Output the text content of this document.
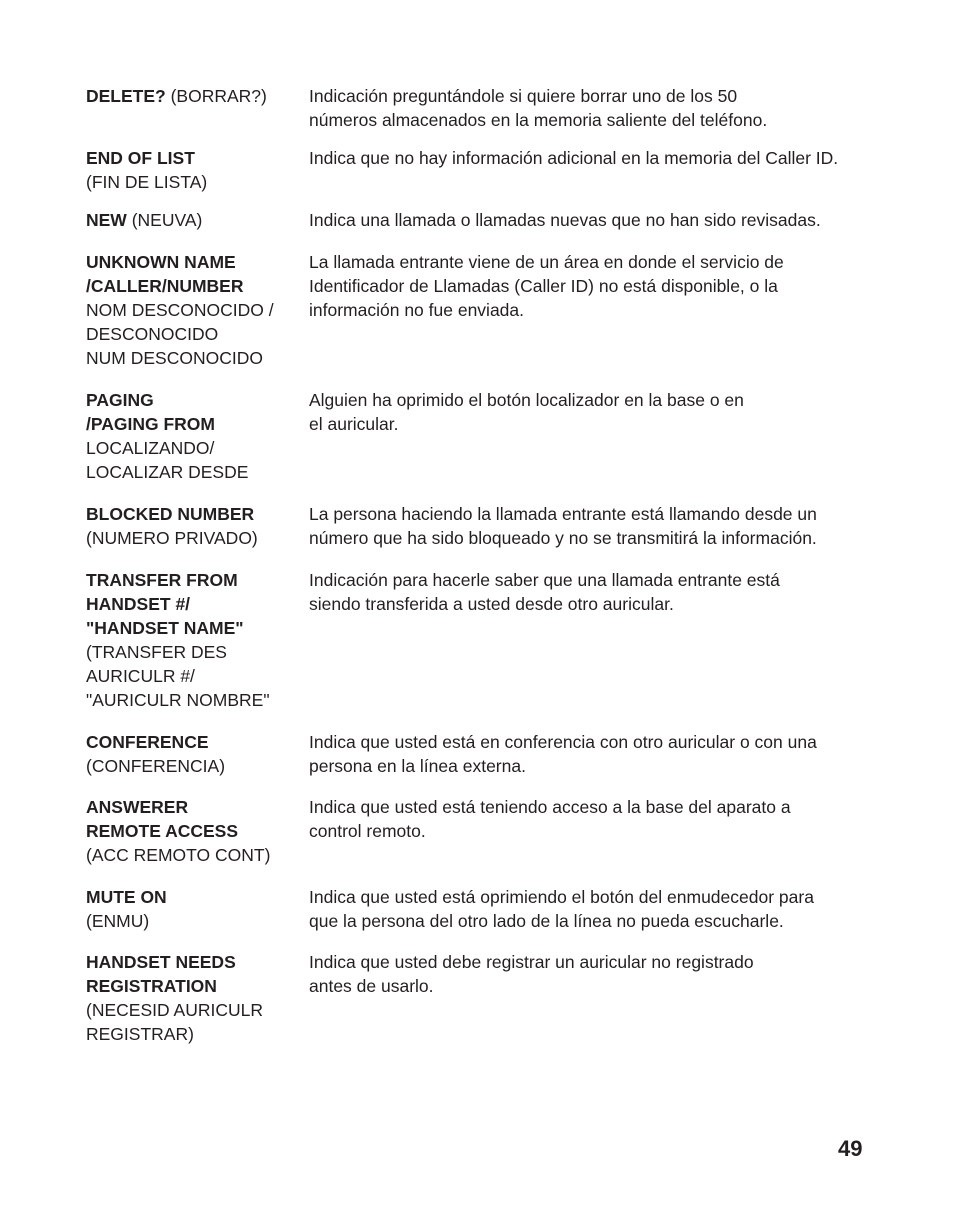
DELETE? (BORRAR?)	Indicación preguntándole si quiere borrar uno de los 50
números almacenados en la memoria saliente del teléfono.
END OF LIST
(FIN DE LISTA)
Indica que no hay información adicional en la memoria del Caller ID.
NEW (NEUVA)	Indica una llamada o llamadas nuevas que no han sido revisadas.
UNKNOWN NAME
/CALLER/NUMBER
NOM DESCONOCIDO /
DESCONOCIDO
NUM DESCONOCIDO
La llamada entrante viene de un área en donde el servicio de
Identificador de Llamadas (Caller ID) no está disponible, o la
información no fue enviada.
PAGING
/PAGING FROM
LOCALIZANDO/
LOCALIZAR DESDE
Alguien ha oprimido el botón localizador en la base o en
el auricular.
BLOCKED NUMBER
(NUMERO PRIVADO)
La persona haciendo la llamada entrante está llamando desde un
número que ha sido bloqueado y no se transmitirá la información.
TRANSFER FROM
HANDSET #/
"HANDSET NAME"
(TRANSFER DES
AURICULR #/
"AURICULR NOMBRE"
Indicación para hacerle saber que una llamada entrante está
siendo transferida a usted desde otro auricular.
CONFERENCE
(CONFERENCIA)
Indica que usted está en conferencia con otro auricular o con una
persona en la línea externa.
ANSWERER
REMOTE ACCESS
(ACC REMOTO CONT)
Indica que usted está teniendo acceso a la base del aparato a
control remoto.
MUTE ON
(ENMU)
Indica que usted está oprimiendo el botón del enmudecedor para
que la persona del otro lado de la línea no pueda escucharle.
HANDSET NEEDS
REGISTRATION
(NECESID AURICULR
REGISTRAR)
Indica que usted debe registrar un auricular no registrado
antes de usarlo.
49
